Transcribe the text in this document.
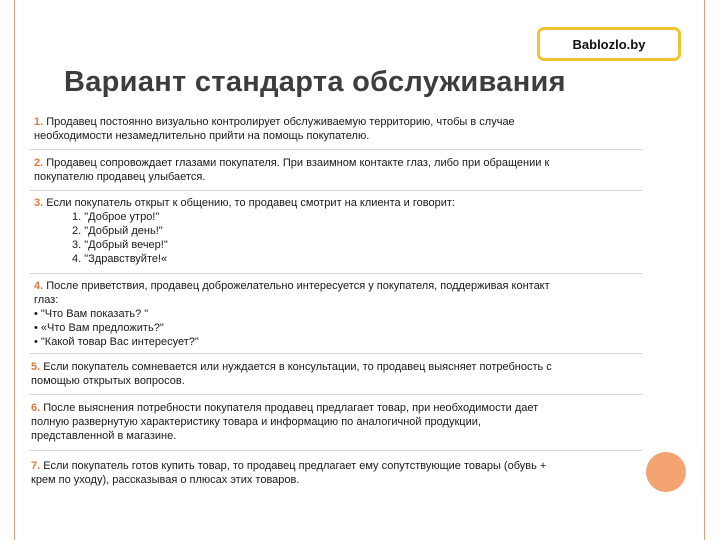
Bablozlo.by
Вариант стандарта обслуживания
1. Продавец постоянно визуально контролирует обслуживаемую территорию, чтобы в случае
необходимости незамедлительно прийти на помощь покупателю.
2. Продавец сопровождает глазами покупателя. При взаимном контакте глаз, либо при обращении к
покупателю продавец улыбается.
3. Если покупатель открыт к общению, то продавец смотрит на клиента и говорит:
1. "Доброе утро!"
2. "Добрый день!"
3. "Добрый вечер!"
4. "Здравствуйте!«
4. После приветствия, продавец доброжелательно интересуется у покупателя, поддерживая контакт
глаз:
• "Что Вам показать? "
• «Что Вам предложить?"
• "Какой товар Вас интересует?"
5. Если покупатель сомневается или нуждается в консультации, то продавец выясняет потребность с
помощью открытых вопросов.
6. После выяснения потребности покупателя продавец предлагает товар, при необходимости дает
полную развернутую характеристику товара и информацию по аналогичной продукции,
представленной в магазине.
7. Если покупатель готов купить товар, то продавец предлагает ему сопутствующие товары (обувь +
крем по уходу), рассказывая о плюсах этих товаров.
